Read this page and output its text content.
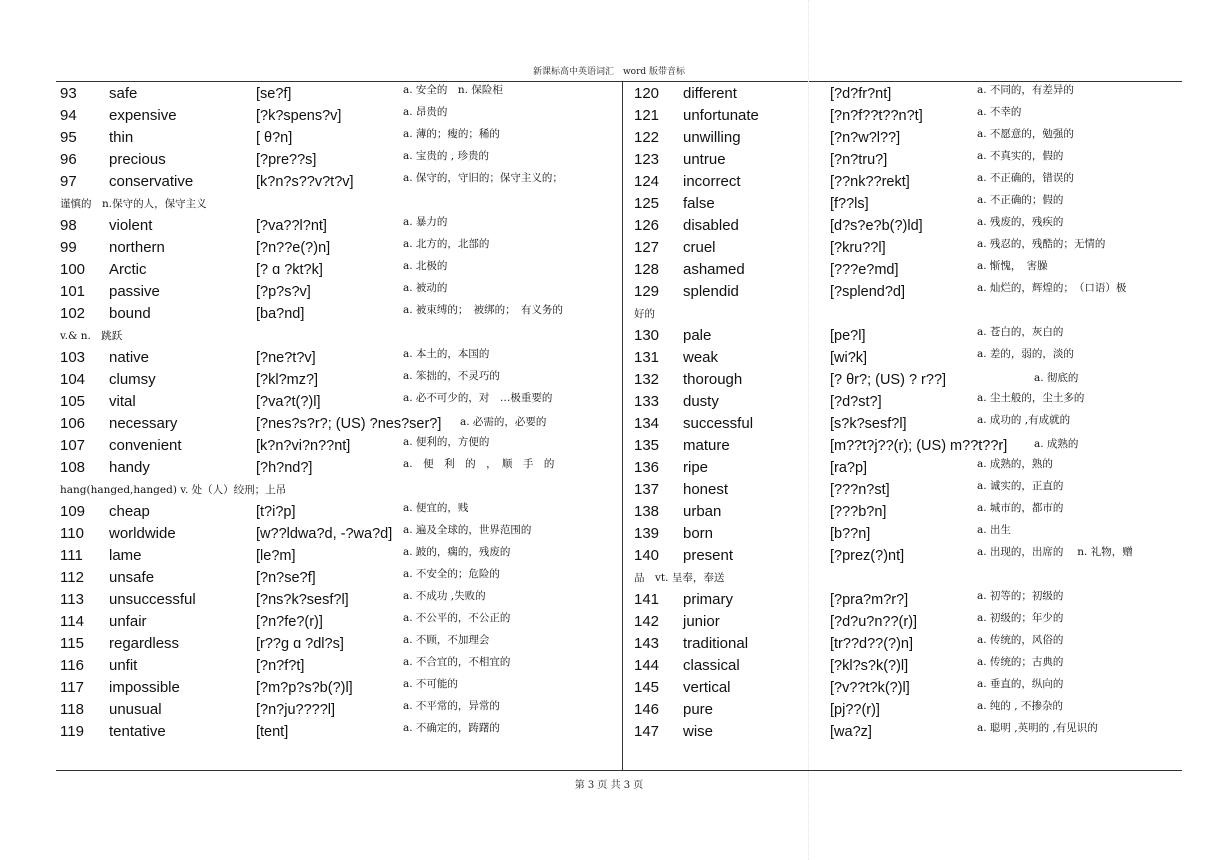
新课标高中英语词汇　word 版带音标
93 safe	[se?f]	a. 安全的　n. 保险柜
94 expensive	[?k?spens?v]	a. 昂贵的
95 thin	[ θ?n]	a. 薄的；瘦的；稀的
96 precious	[?pre??s]	a. 宝贵的 , 珍贵的
97 conservative	[k?n?s??v?t?v]	a. 保守的，守旧的；保守主义的；
谨慎的　n.保守的人，保守主义
98 violent	[?va??l?nt]	a. 暴力的
99 northern	[?n??e(?)n]	a. 北方的，北部的
100 Arctic	[? ɑ ?kt?k]	a. 北极的
101 passive	[?p?s?v]	a. 被动的
102 bound	[ba?nd]	a. 被束缚的；　被绑的；　有义务的
v.& n.　跳跃
103 native	[?ne?t?v]	a. 本土的，本国的
104 clumsy	[?kl?mz?]	a. 笨拙的，不灵巧的
105 vital	[?va?t(?)l]	a. 必不可少的，对　…极重要的
106 necessary	[?nes?s?r?; (US) ?nes?ser?] a. 必需的，必要的
107 convenient	[k?n?vi?n??nt]	a. 便利的，方便的
108 handy	[?h?nd?]	a.　便　利　的　，　顺　手　的
hang(hanged,hanged) v. 处（人）绞刑；上吊
109 cheap	[t?i?p]	a. 便宜的，贱
110 worldwide	[w??ldwa?d, -?wa?d] a. 遍及全球的，世界范围的
111 lame	[le?m]	a. 跛的，瘸的，残废的
112 unsafe	[?n?se?f]	a. 不安全的；危险的
113 unsuccessful	[?ns?k?sesf?l]	a. 不成功 ,失败的
114 unfair	[?n?fe?(r)]	a. 不公平的，不公正的
115 regardless	[r??g ɑ ?dl?s]	a. 不顾，不加理会
116 unfit	[?n?f?t]	a. 不合宜的，不相宜的
117 impossible	[?m?p?s?b(?)l]	a. 不可能的
118 unusual	[?n?ju????l]	a. 不平常的，异常的
119 tentative	[tent]	a. 不确定的，踌躇的
120 different	[?d?fr?nt]	a. 不同的，有差异的
121 unfortunate	[?n?f??t??n?t]	a. 不幸的
122 unwilling	[?n?w?l??]	a. 不愿意的，勉强的
123 untrue	[?n?tru?]	a. 不真实的，假的
124 incorrect	[??nk??rekt]	a. 不正确的，错误的
125 false	[f??ls]	a. 不正确的；假的
126 disabled	[d?s?e?b(?)ld]	a. 残废的，残疾的
127 cruel	[?kru??l]	a. 残忍的，残酷的；无情的
128 ashamed	[???e?md]	a. 惭愧，　害臊
129 splendid	[?splend?d]	a. 灿烂的，辉煌的；　（口语）极
好的
130 pale	[pe?l]	a. 苍白的，灰白的
131 weak	[wi?k]	a. 差的，弱的，淡的
132 thorough	[? θr?; (US) ? r??]	a. 彻底的
133 dusty	[?d?st?]	a. 尘土般的，尘土多的
134 successful	[s?k?sesf?l]	a. 成功的 ,有成就的
135 mature	[m??t?j??(r); (US) m??t??r]	a. 成熟的
136 ripe	[ra?p]	a. 成熟的，熟的
137 honest	[???n?st]	a. 诚实的，正直的
138 urban	[???b?n]	a. 城市的，都市的
139 born	[b??n]	a. 出生
140 present	[?prez(?)nt]	a. 出现的，出席的　 n. 礼物，赠
品　vt. 呈奉，奉送
141 primary	[?pra?m?r?]	a. 初等的；初级的
142 junior	[?d?u?n??(r)]	a. 初级的；年少的
143 traditional	[tr??d??(?)n]	a. 传统的，风俗的
144 classical	[?kl?s?k(?)l]	a. 传统的；古典的
145 vertical	[?v??t?k(?)l]	a. 垂直的，纵向的
146 pure	[pj??(r)]	a. 纯的 , 不掺杂的
147 wise	[wa?z]	a. 聪明 ,英明的 ,有见识的
第 3 页 共 3 页
